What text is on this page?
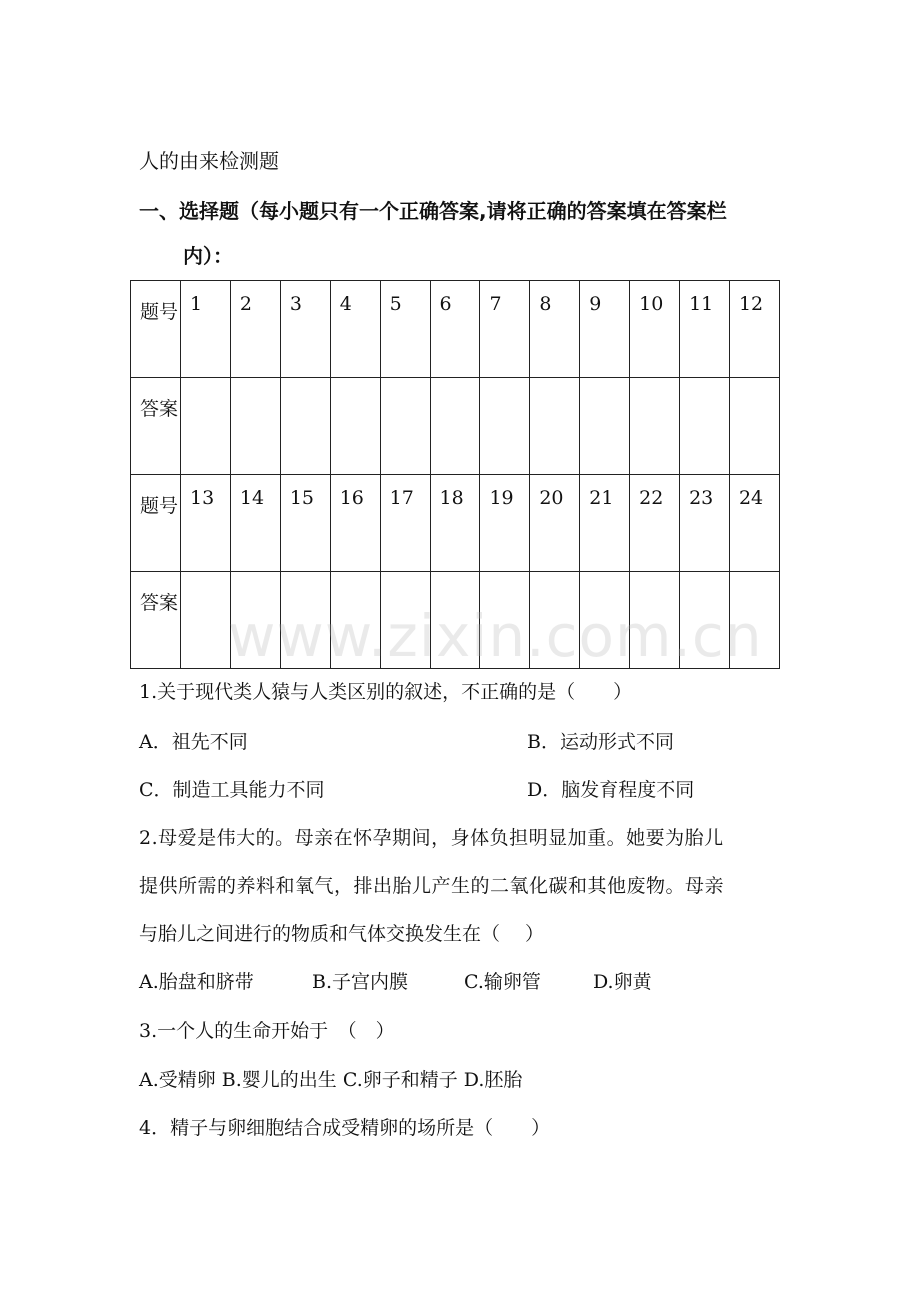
人的由来检测题
一、选择题（每小题只有一个正确答案,请将正确的答案填在答案栏
内）：
题号	1	2	3	4	5	6	7	8	9	10	11	12
答案												
题号	13	14	15	16	17	18	19	20	21	22	23	24
答案												www.zixin.com.cn

1.关于现代类人猿与人类区别的叙述，不正确的是（　　）

A．祖先不同	B．运动形式不同
C．制造工具能力不同	D．脑发育程度不同

2.母爱是伟大的。母亲在怀孕期间，身体负担明显加重。她要为胎儿

提供所需的养料和氧气，排出胎儿产生的二氧化碳和其他废物。母亲

与胎儿之间进行的物质和气体交换发生在（　 ）

A.胎盘和脐带	B.子宫内膜	C.输卵管	D.卵黄

3.一个人的生命开始于　（　）

A.受精卵 B.婴儿的出生 C.卵子和精子 D.胚胎

4．精子与卵细胞结合成受精卵的场所是（　　）
